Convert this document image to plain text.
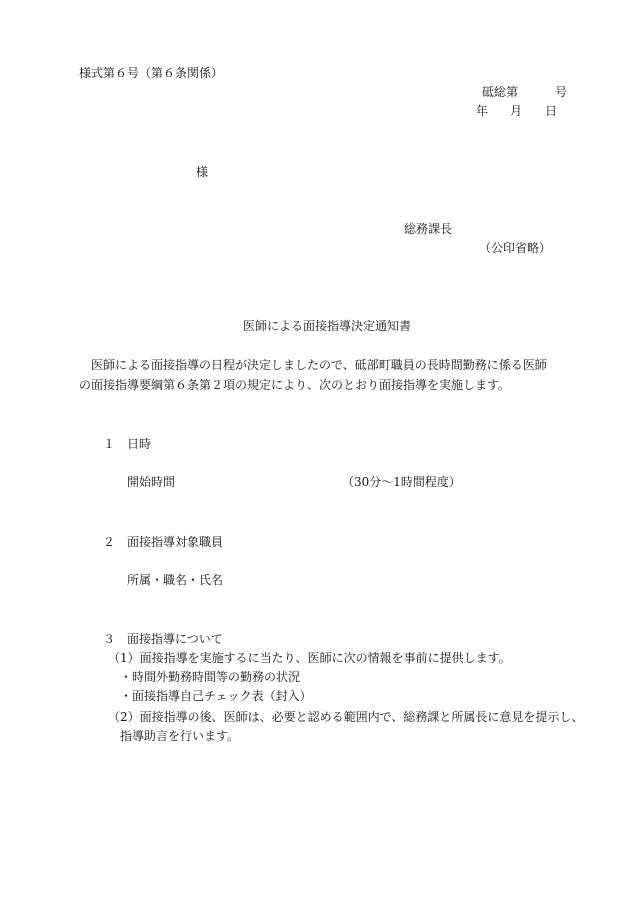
様式第６号（第６条関係）
砥総第	号
年 月 日
様
総務課長
（公印省略）
医師による面接指導決定通知書
医師による面接指導の日程が決定しましたので、砥部町職員の長時間勤務に係る医師の面接指導要綱第６条第２項の規定により、次のとおり面接指導を実施します。
１　日時
開始時間	（30分～1時間程度）
２　面接指導対象職員
所属・職名・氏名
３　面接指導について
（1）面接指導を実施するに当たり、医師に次の情報を事前に提供します。
・時間外勤務時間等の勤務の状況
・面接指導自己チェック表（封入）
（2）面接指導の後、医師は、必要と認める範囲内で、総務課と所属長に意見を提示し、
指導助言を行います。
